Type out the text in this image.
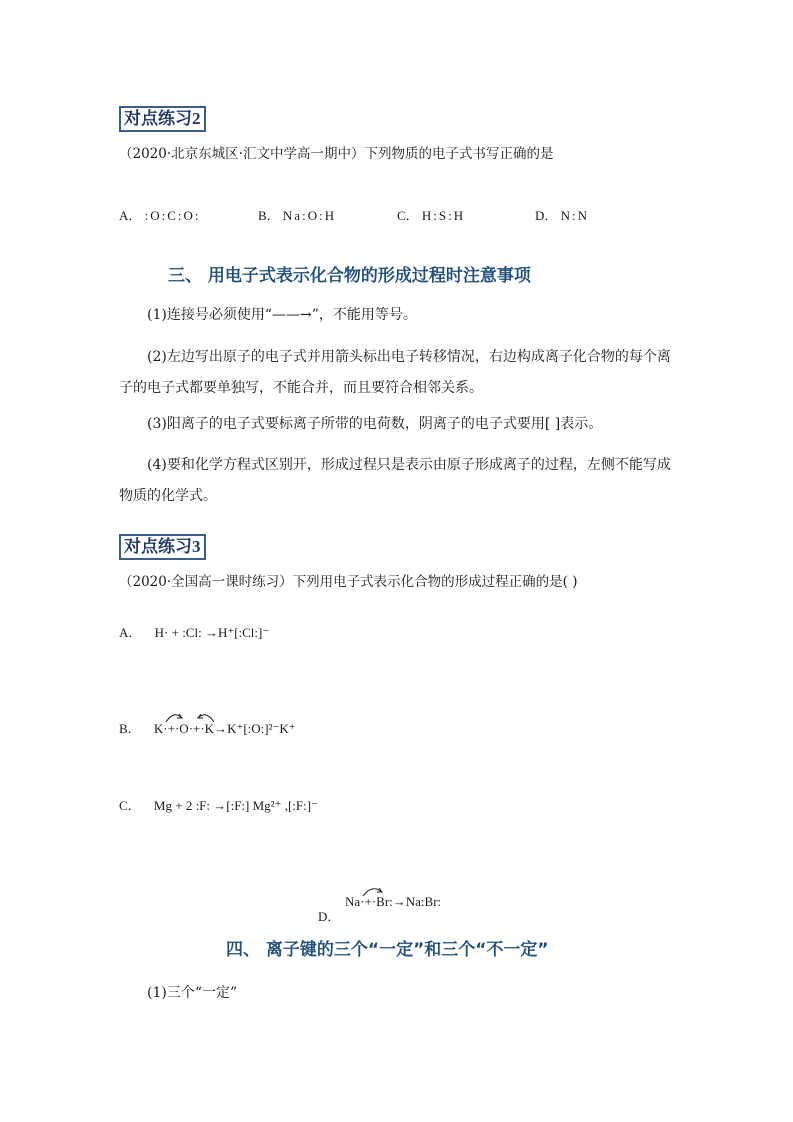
对点练习2
（2020·北京东城区·汇文中学高一期中）下列物质的电子式书写正确的是
A． :O:C:O:	B． Na:O:H	C． H:S:H	D． N:N
三、 用电子式表示化合物的形成过程时注意事项
(1)连接号必须使用“——→”，不能用等号。
(2)左边写出原子的电子式并用箭头标出电子转移情况，右边构成离子化合物的每个离子的电子式都要单独写，不能合并，而且要符合相邻关系。
(3)阳离子的电子式要标离子所带的电荷数，阴离子的电子式要用[ ]表示。
(4)要和化学方程式区别开，形成过程只是表示由原子形成离子的过程，左侧不能写成物质的化学式。
对点练习3
（2020·全国高一课时练习）下列用电子式表示化合物的形成过程正确的是( )
A． H· + :Cl: →H⁺[:Cl:]⁻
B． K·+·O·+·K→K⁺[:O:]²⁻K⁺
C． Mg + 2 :F: →[:F:] Mg²⁺ ,[:F:]⁻
D．
Na·+·Br:→Na:Br:
四、 离子键的三个“一定”和三个“不一定”
(1)三个“一定”
